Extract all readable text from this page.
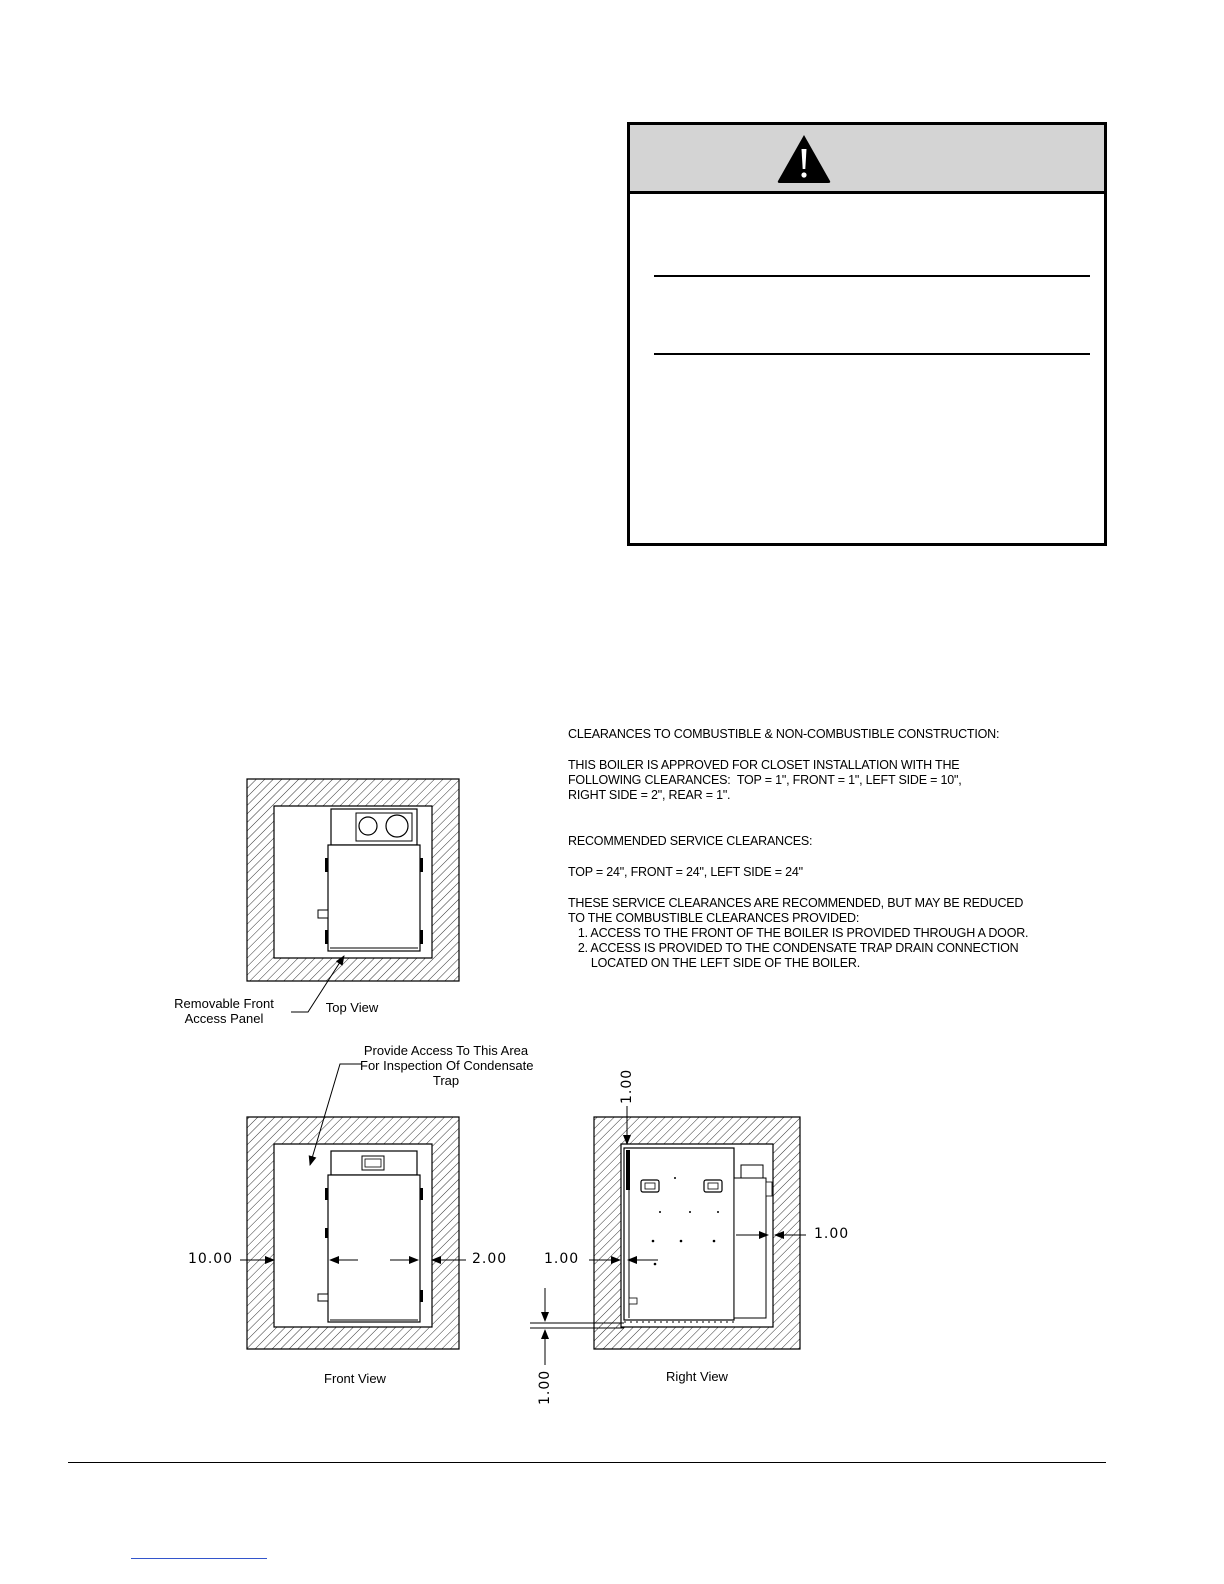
CLEARANCES TO COMBUSTIBLE & NON-COMBUSTIBLE CONSTRUCTION:
THIS BOILER IS APPROVED FOR CLOSET INSTALLATION WITH THE
FOLLOWING CLEARANCES:  TOP = 1", FRONT = 1", LEFT SIDE = 10",
RIGHT SIDE = 2", REAR = 1".
RECOMMENDED SERVICE CLEARANCES:
TOP = 24", FRONT = 24", LEFT SIDE = 24"
THESE SERVICE CLEARANCES ARE RECOMMENDED, BUT MAY BE REDUCED
TO THE COMBUSTIBLE CLEARANCES PROVIDED:
1. ACCESS TO THE FRONT OF THE BOILER IS PROVIDED THROUGH A DOOR.
2. ACCESS IS PROVIDED TO THE CONDENSATE TRAP DRAIN CONNECTION
LOCATED ON THE LEFT SIDE OF THE BOILER.
Removable Front
Access Panel
Top View
Provide Access To This Area
For Inspection Of Condensate
Trap
10.00	2.00
Front View
1.00
1.00
1.00
1.00	Right View
